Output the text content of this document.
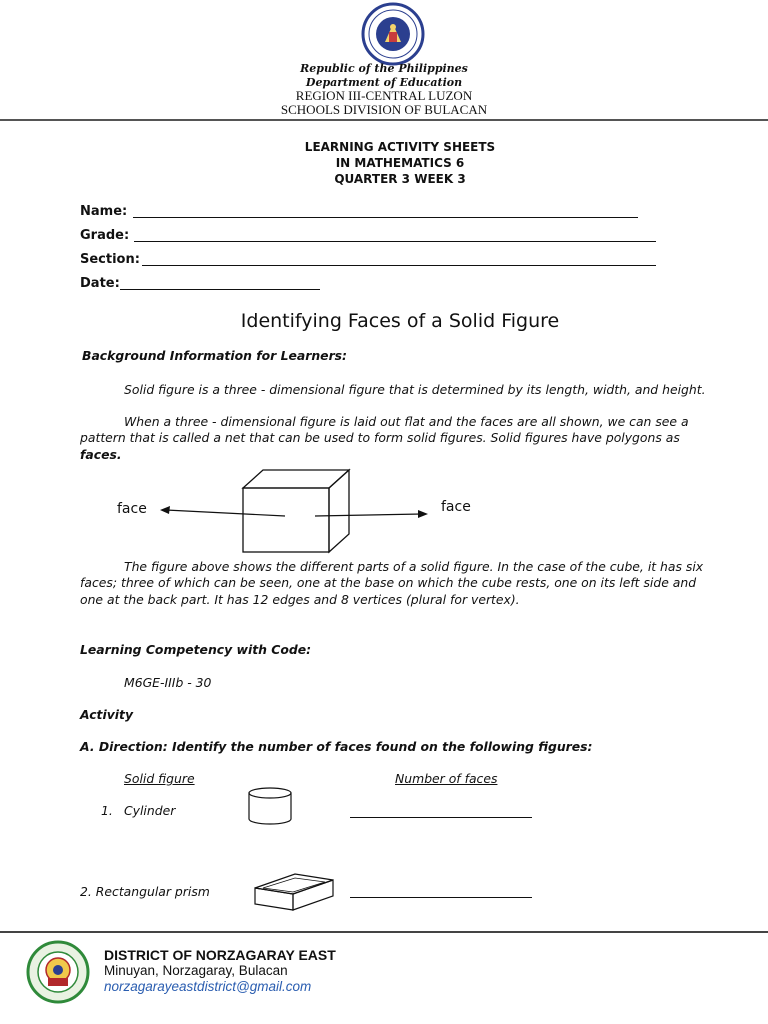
Republic of the Philippines
Department of Education
REGION III-CENTRAL LUZON
SCHOOLS DIVISION OF BULACAN
LEARNING ACTIVITY SHEETS
IN MATHEMATICS 6
QUARTER 3 WEEK 3
Name:
Grade:
Section:
Date:
Identifying Faces of a Solid Figure
Background Information for Learners:
Solid figure is a three - dimensional figure that is determined by its length, width, and height.
When a three - dimensional figure is laid out flat and the faces are all shown, we can see a pattern that is called a net that can be used to form solid figures. Solid figures have polygons as faces.
face	face
The figure above shows the different parts of a solid figure. In the case of the cube, it has six faces; three of which can be seen, one at the base on which the cube rests, one on its left side and one at the back part. It has 12 edges and 8 vertices (plural for vertex).
Learning Competency with Code:
M6GE-IIIb - 30
Activity
A. Direction: Identify the number of faces found on the following figures:
Solid figure	Number of faces
1. Cylinder
2. Rectangular prism
DISTRICT OF NORZAGARAY EAST
Minuyan, Norzagaray, Bulacan
norzagarayeastdistrict@gmail.com
